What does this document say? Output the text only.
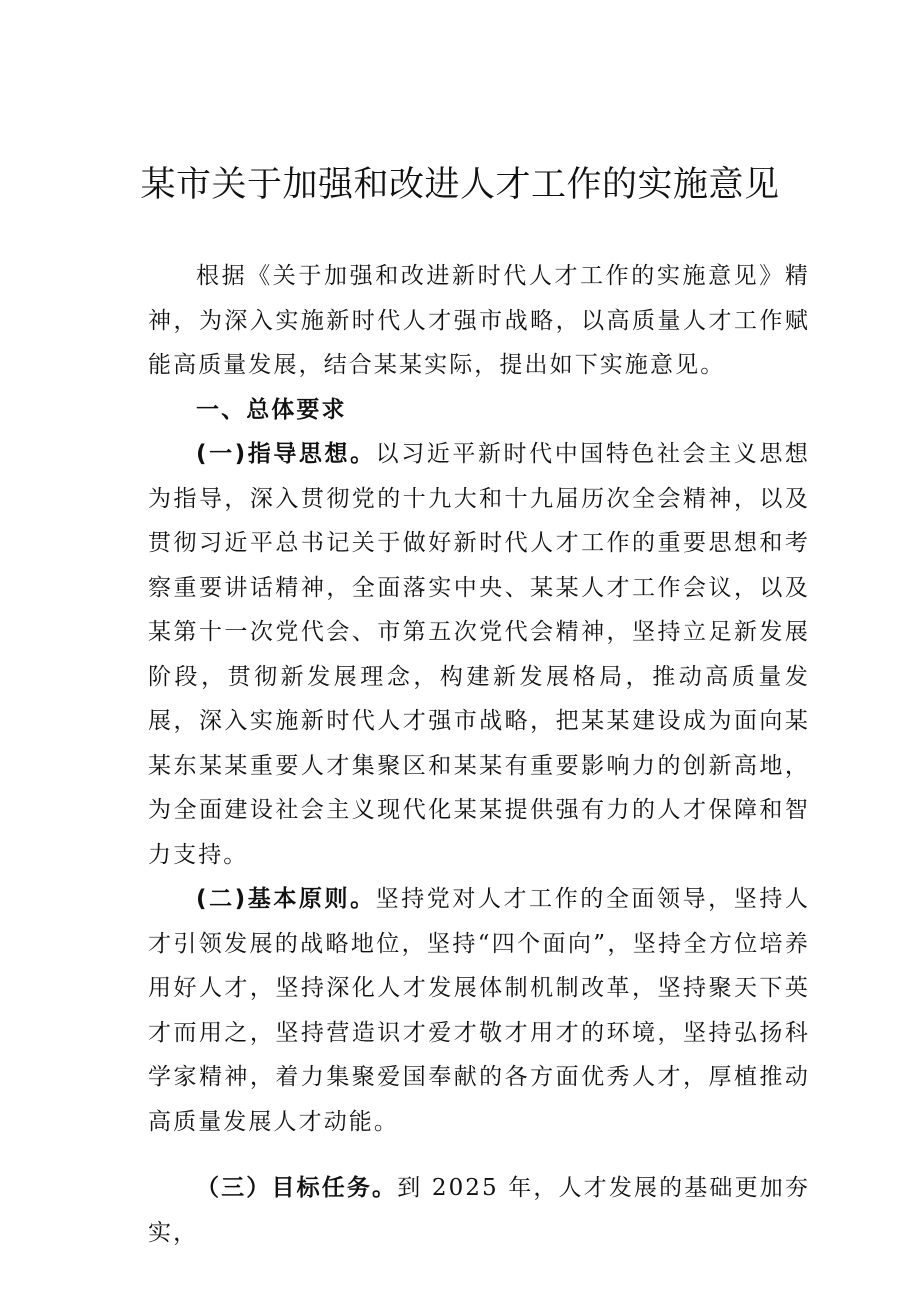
某市关于加强和改进人才工作的实施意见

根据《关于加强和改进新时代人才工作的实施意见》精神，为深入实施新时代人才强市战略，以高质量人才工作赋能高质量发展，结合某某实际，提出如下实施意见。

一、总体要求

(一)指导思想。以习近平新时代中国特色社会主义思想为指导，深入贯彻党的十九大和十九届历次全会精神，以及贯彻习近平总书记关于做好新时代人才工作的重要思想和考察重要讲话精神，全面落实中央、某某人才工作会议，以及某第十一次党代会、市第五次党代会精神，坚持立足新发展阶段，贯彻新发展理念，构建新发展格局，推动高质量发展，深入实施新时代人才强市战略，把某某建设成为面向某某东某某重要人才集聚区和某某有重要影响力的创新高地，为全面建设社会主义现代化某某提供强有力的人才保障和智力支持。

(二)基本原则。坚持党对人才工作的全面领导，坚持人才引领发展的战略地位，坚持“四个面向”，坚持全方位培养用好人才，坚持深化人才发展体制机制改革，坚持聚天下英才而用之，坚持营造识才爱才敬才用才的环境，坚持弘扬科学家精神，着力集聚爱国奉献的各方面优秀人才，厚植推动高质量发展人才动能。

（三）目标任务。到 2025 年，人才发展的基础更加夯实，
